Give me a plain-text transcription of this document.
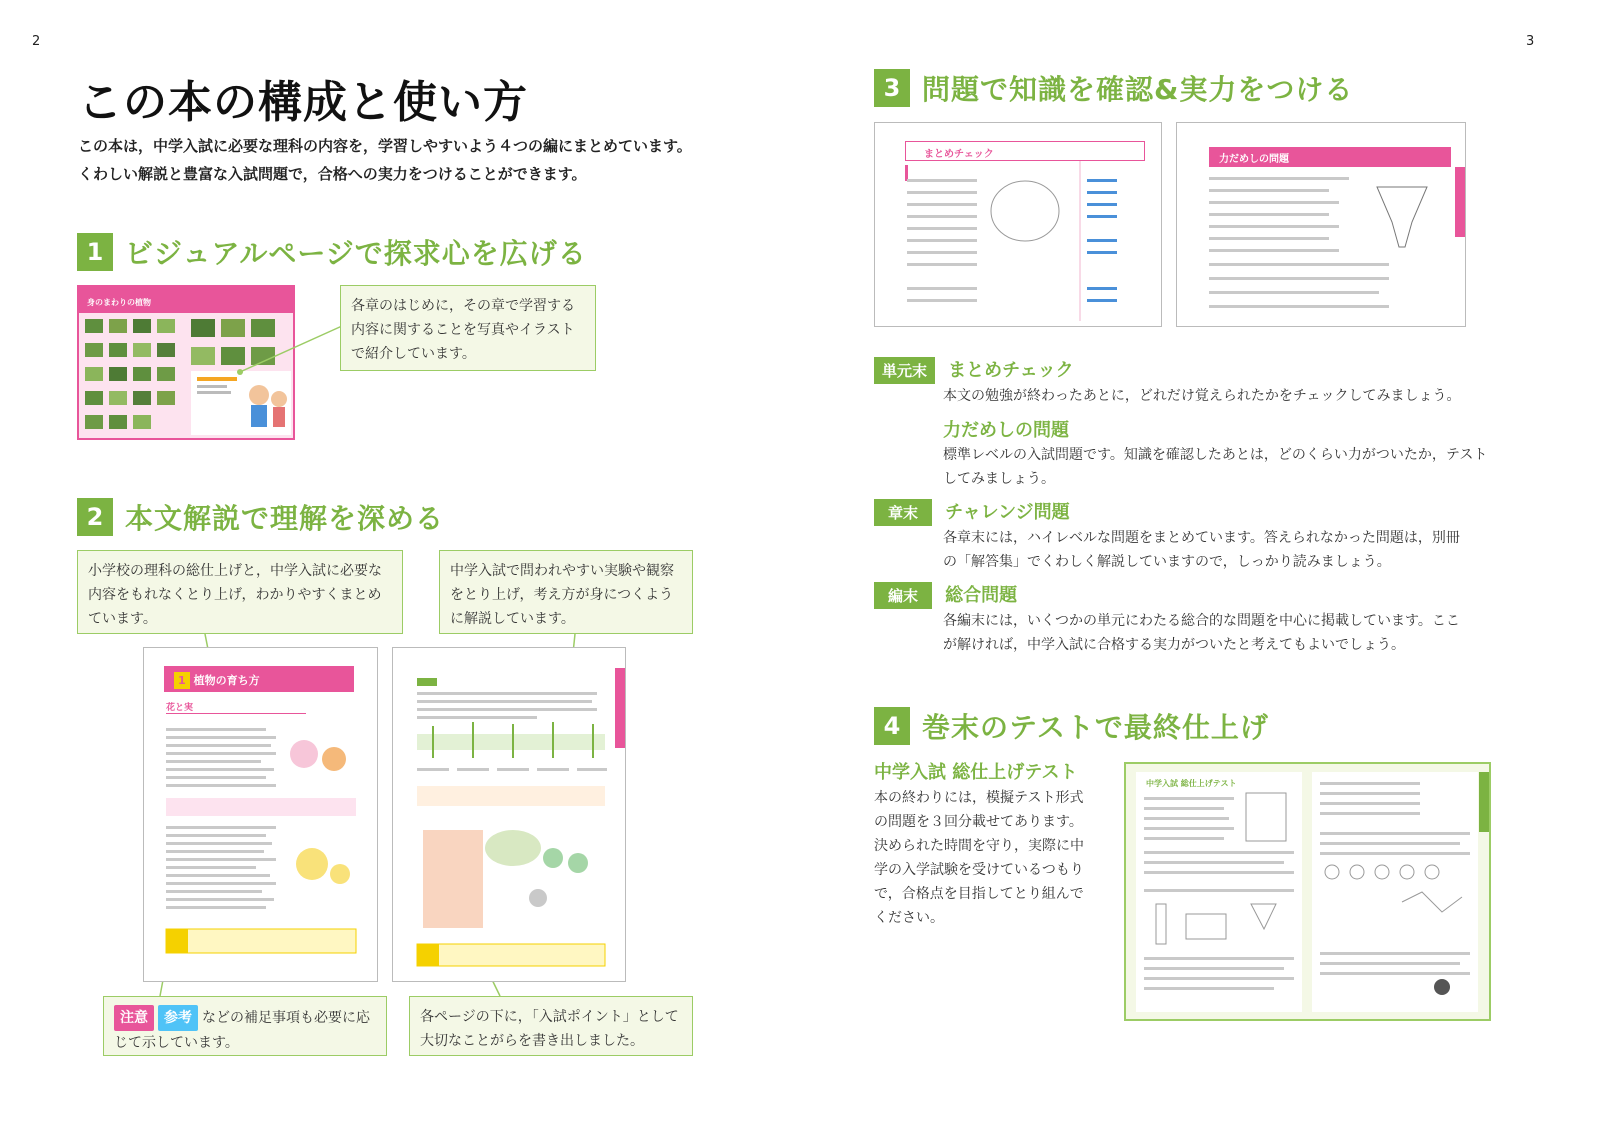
2	3
この本の構成と使い方
この本は，中学入試に必要な理科の内容を，学習しやすいよう４つの編にまとめています。
くわしい解説と豊富な入試問題で，合格への実力をつけることができます。
1 ビジュアルページで探求心を広げる
身のまわりの植物	各章のはじめに，その章で学習する
内容に関することを写真やイラスト
で紹介しています。
2 本文解説で理解を深める
小学校の理科の総仕上げと，中学入試に必要な
内容をもれなくとり上げ，わかりやすくまとめ
ています。
中学入試で問われやすい実験や観察
をとり上げ，考え方が身につくよう
に解説しています。
1 植物の育ち方
花と実
注意 参考 などの補足事項も必要に応
じて示しています。
各ページの下に，「入試ポイント」として
大切なことがらを書き出しました。
3 問題で知識を確認&実力をつける
まとめチェック	力だめしの問題
単元末 まとめチェック
本文の勉強が終わったあとに，どれだけ覚えられたかをチェックしてみましょう。
力だめしの問題
標準レベルの入試問題です。知識を確認したあとは，どのくらい力がついたか，テスト
してみましょう。
章末 チャレンジ問題
各章末には，ハイレベルな問題をまとめています。答えられなかった問題は，別冊
の「解答集」でくわしく解説していますので，しっかり読みましょう。
編末 総合問題
各編末には，いくつかの単元にわたる総合的な問題を中心に掲載しています。ここ
が解ければ，中学入試に合格する実力がついたと考えてもよいでしょう。
4 巻末のテストで最終仕上げ
中学入試 総仕上げテスト
本の終わりには，模擬テスト形式
の問題を３回分載せてあります。
決められた時間を守り，実際に中
学の入学試験を受けているつもり
で，合格点を目指してとり組んで
ください。
中学入試 総仕上げテスト
